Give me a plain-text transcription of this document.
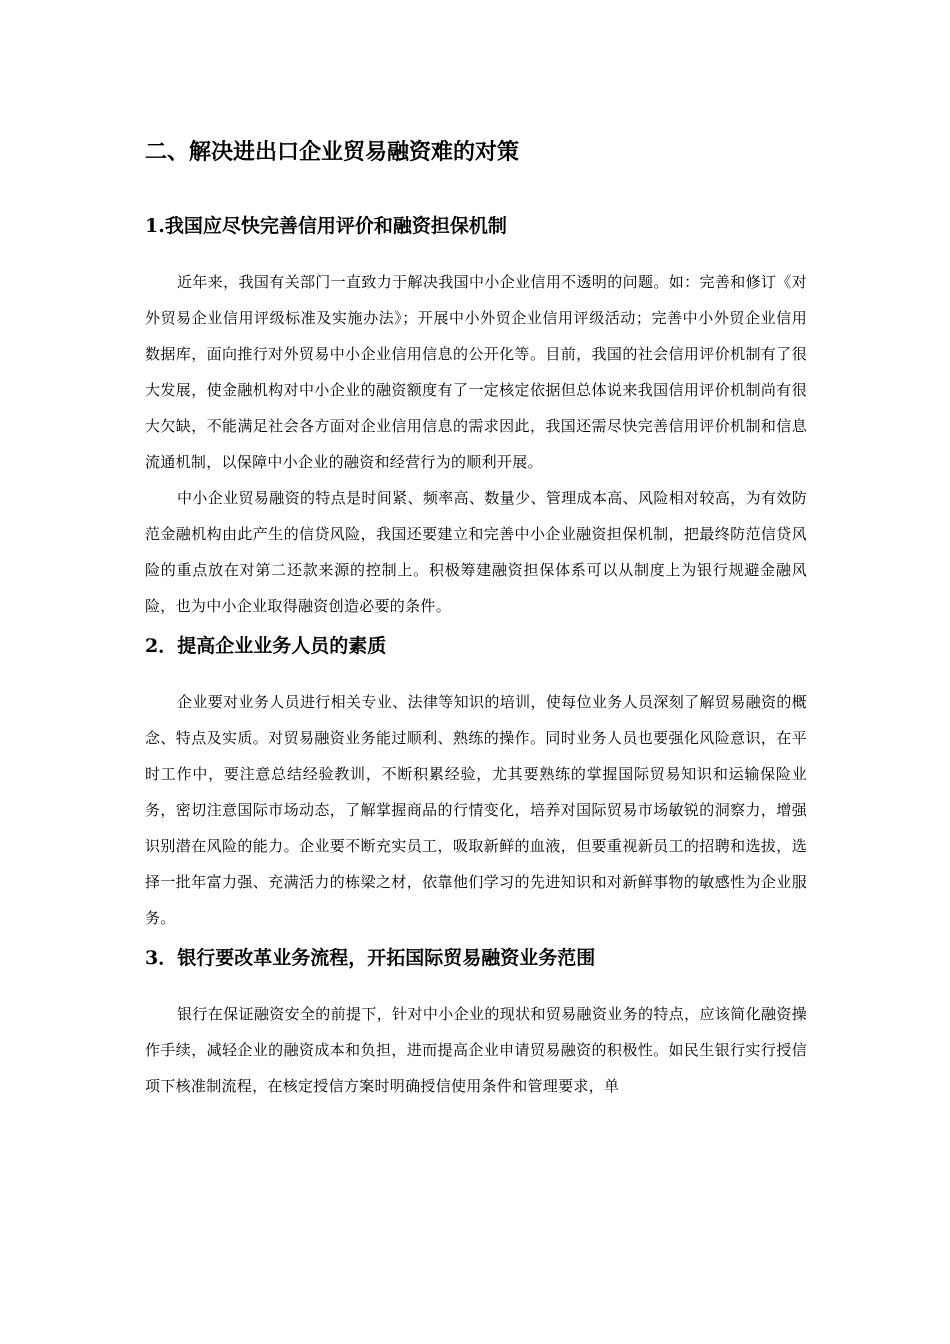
二、解决进出口企业贸易融资难的对策
1.我国应尽快完善信用评价和融资担保机制

近年来，我国有关部门一直致力于解决我国中小企业信用不透明的问题。如：完善和修订《对外贸易企业信用评级标准及实施办法》；开展中小外贸企业信用评级活动；完善中小外贸企业信用数据库，面向推行对外贸易中小企业信用信息的公开化等。目前，我国的社会信用评价机制有了很大发展，使金融机构对中小企业的融资额度有了一定核定依据但总体说来我国信用评价机制尚有很大欠缺，不能满足社会各方面对企业信用信息的需求因此，我国还需尽快完善信用评价机制和信息流通机制，以保障中小企业的融资和经营行为的顺利开展。

中小企业贸易融资的特点是时间紧、频率高、数量少、管理成本高、风险相对较高，为有效防范金融机构由此产生的信贷风险，我国还要建立和完善中小企业融资担保机制，把最终防范信贷风险的重点放在对第二还款来源的控制上。积极筹建融资担保体系可以从制度上为银行规避金融风险，也为中小企业取得融资创造必要的条件。

2．提高企业业务人员的素质

企业要对业务人员进行相关专业、法律等知识的培训，使每位业务人员深刻了解贸易融资的概念、特点及实质。对贸易融资业务能过顺利、熟练的操作。同时业务人员也要强化风险意识，在平时工作中，要注意总结经验教训，不断积累经验，尤其要熟练的掌握国际贸易知识和运输保险业务，密切注意国际市场动态，了解掌握商品的行情变化，培养对国际贸易市场敏锐的洞察力，增强识别潜在风险的能力。企业要不断充实员工，吸取新鲜的血液，但要重视新员工的招聘和选拔，选择一批年富力强、充满活力的栋梁之材，依靠他们学习的先进知识和对新鲜事物的敏感性为企业服务。

3．银行要改革业务流程，开拓国际贸易融资业务范围

银行在保证融资安全的前提下，针对中小企业的现状和贸易融资业务的特点，应该简化融资操作手续，减轻企业的融资成本和负担，进而提高企业申请贸易融资的积极性。如民生银行实行授信项下核准制流程，在核定授信方案时明确授信使用条件和管理要求，单
